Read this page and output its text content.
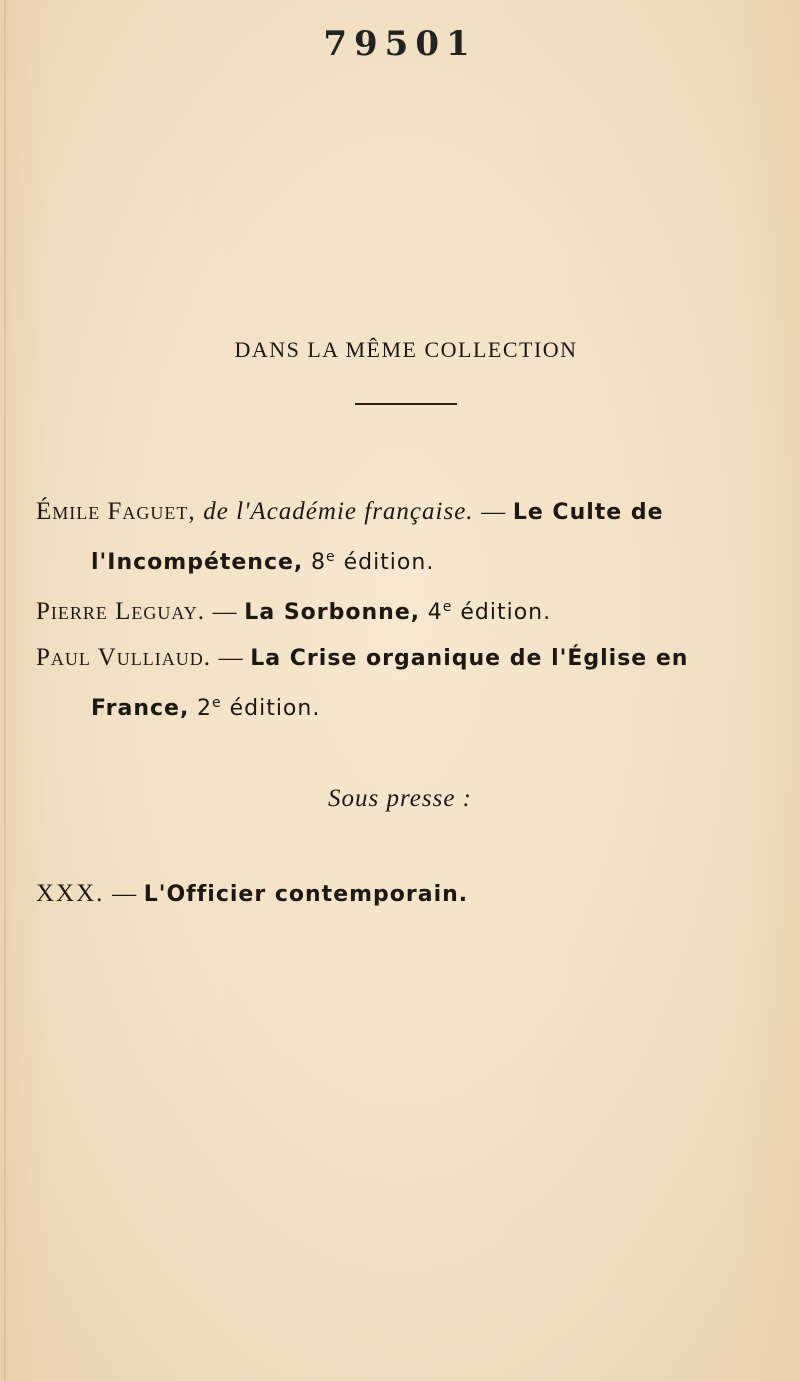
79501
DANS LA MÊME COLLECTION

Émile Faguet, de l'Académie française. — Le Culte de
l'Incompétence, 8e édition.

Pierre Leguay. — La Sorbonne, 4e édition.

Paul Vulliaud. — La Crise organique de l'Église en
France, 2e édition.

Sous presse :
XXX. — L'Officier contemporain.
